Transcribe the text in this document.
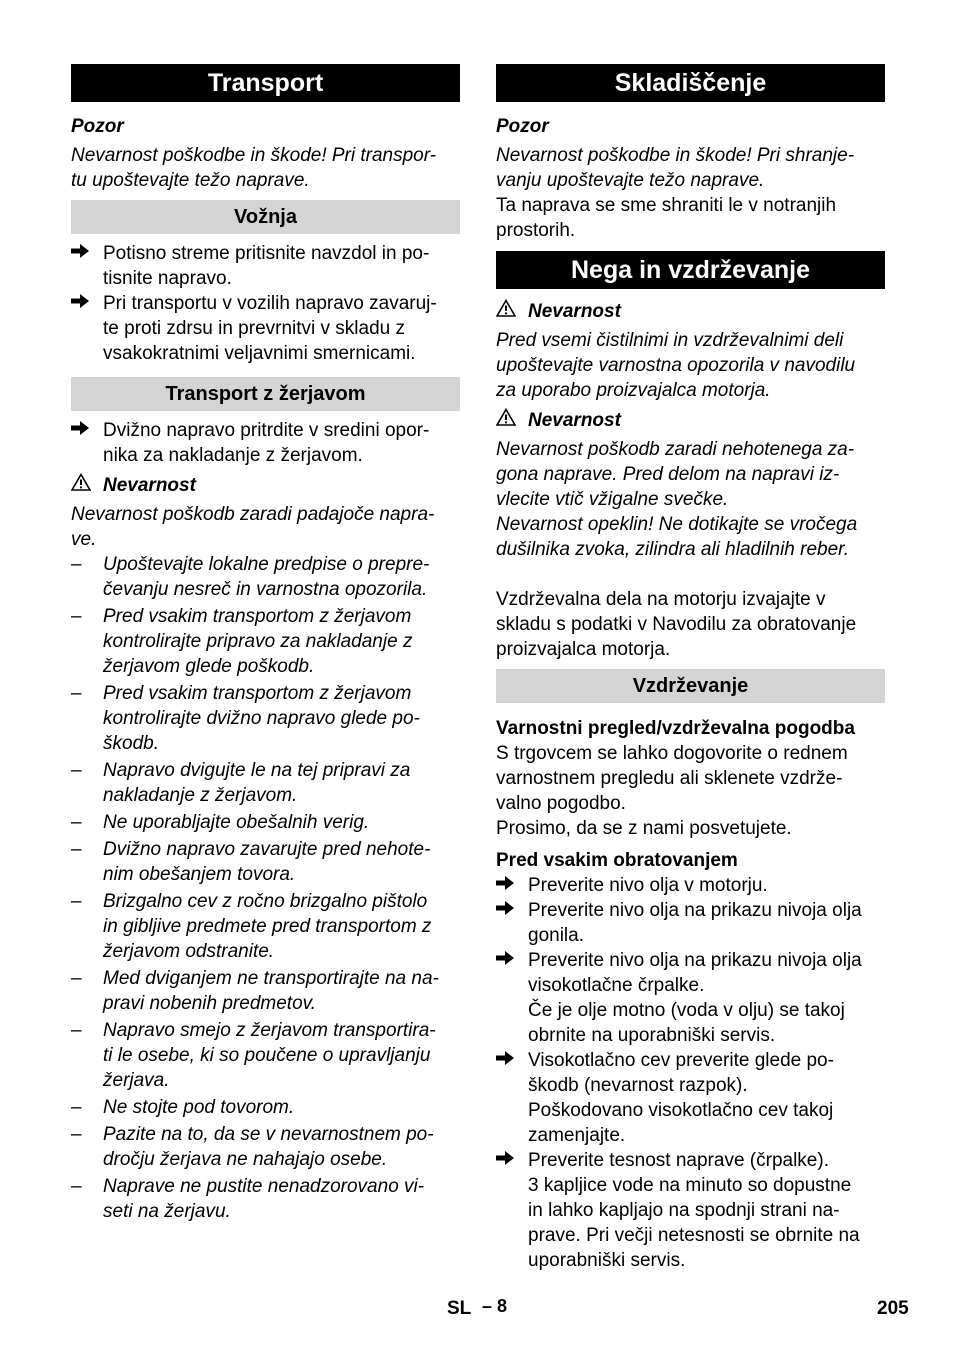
Transport

Pozor

Nevarnost poškodbe in škode! Pri transpor-

tu upoštevajte težo naprave.

Vožnja

Potisno streme pritisnite navzdol in po-

tisnite napravo.

Pri transportu v vozilih napravo zavaruj-

te proti zdrsu in prevrnitvi v skladu z

vsakokratnimi veljavnimi smernicami.

Transport z žerjavom

Dvižno napravo pritrdite v sredini opor-

nika za nakladanje z žerjavom.

Nevarnost

Nevarnost poškodb zaradi padajoče napra-

ve.

–	Upoštevajte lokalne predpise o prepre-

čevanju nesreč in varnostna opozorila.

–	Pred vsakim transportom z žerjavom

kontrolirajte pripravo za nakladanje z

žerjavom glede poškodb.

–	Pred vsakim transportom z žerjavom

kontrolirajte dvižno napravo glede po-

škodb.

–	Napravo dvigujte le na tej pripravi za

nakladanje z žerjavom.

–	Ne uporabljajte obešalnih verig.

–	Dvižno napravo zavarujte pred nehote-

nim obešanjem tovora.

–	Brizgalno cev z ročno brizgalno pištolo

in gibljive predmete pred transportom z

žerjavom odstranite.

–	Med dviganjem ne transportirajte na na-

pravi nobenih predmetov.

–	Napravo smejo z žerjavom transportira-

ti le osebe, ki so poučene o upravljanju

žerjava.

–	Ne stojte pod tovorom.

–	Pazite na to, da se v nevarnostnem po-

dročju žerjava ne nahajajo osebe.

–	Naprave ne pustite nenadzorovano vi-

seti na žerjavu.

Skladiščenje

Pozor

Nevarnost poškodbe in škode! Pri shranje-

vanju upoštevajte težo naprave.

Ta naprava se sme shraniti le v notranjih

prostorih.

Nega in vzdrževanje
Nevarnost

Pred vsemi čistilnimi in vzdrževalnimi deli

upoštevajte varnostna opozorila v navodilu

za uporabo proizvajalca motorja.

Nevarnost

Nevarnost poškodb zaradi nehotenega za-

gona naprave. Pred delom na napravi iz-

vlecite vtič vžigalne svečke.

Nevarnost opeklin! Ne dotikajte se vročega

dušilnika zvoka, zilindra ali hladilnih reber.

Vzdrževalna dela na motorju izvajajte v

skladu s podatki v Navodilu za obratovanje

proizvajalca motorja.

Vzdrževanje

Varnostni pregled/vzdrževalna pogodba

S trgovcem se lahko dogovorite o rednem

varnostnem pregledu ali sklenete vzdrže-

valno pogodbo.

Prosimo, da se z nami posvetujete.

Pred vsakim obratovanjem

Preverite nivo olja v motorju.

Preverite nivo olja na prikazu nivoja olja

gonila.

Preverite nivo olja na prikazu nivoja olja

visokotlačne črpalke.

Če je olje motno (voda v olju) se takoj

obrnite na uporabniški servis.

Visokotlačno cev preverite glede po-

škodb (nevarnost razpok).

Poškodovano visokotlačno cev takoj

zamenjajte.

Preverite tesnost naprave (črpalke).

3 kapljice vode na minuto so dopustne

in lahko kapljajo na spodnji strani na-

prave. Pri večji netesnosti se obrnite na

uporabniški servis.

SL – 8	205
